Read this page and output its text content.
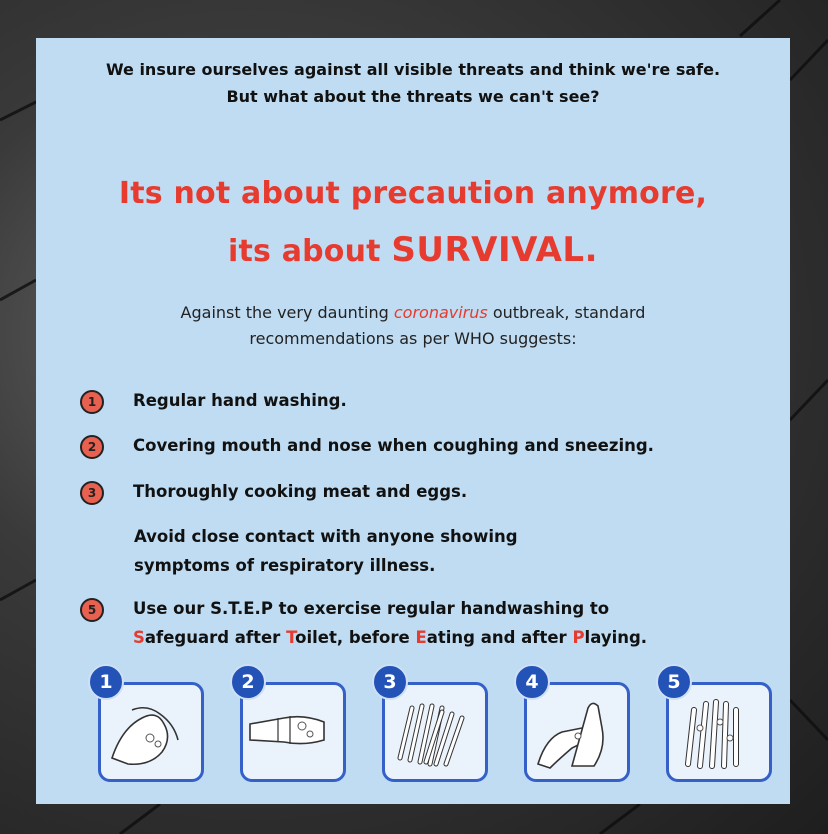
We insure ourselves against all visible threats and think we're safe.
But what about the threats we can't see?
Its not about precaution anymore,
its about SURVIVAL.
Against the very daunting coronavirus outbreak, standard
recommendations as per WHO suggests:
1	Regular hand washing.
2	Covering mouth and nose when coughing and sneezing.
3	Thoroughly cooking meat and eggs.
Avoid close contact with anyone showing
symptoms of respiratory illness.
5	Use our S.T.E.P to exercise regular handwashing to
Safeguard after Toilet, before Eating and after Playing.
1	2	3	4	5
